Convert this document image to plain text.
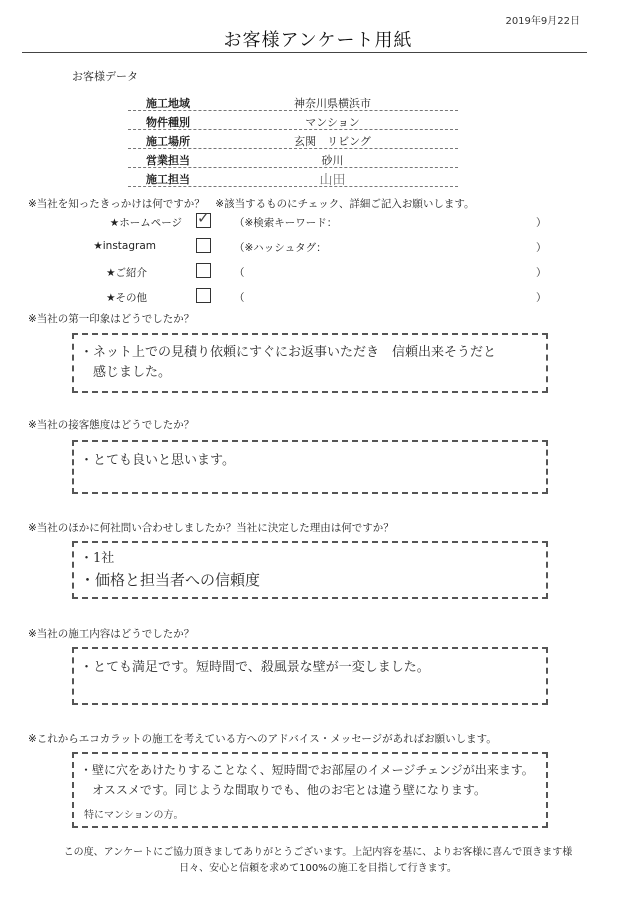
2019年9月22日
お客様アンケート用紙
お客様データ
施工地域	神奈川県横浜市
物件種別	マンション
施工場所	玄関　リビング
営業担当	砂川
施工担当	山田
※当社を知ったきっかけは何ですか？　※該当するものにチェック、詳細ご記入お願いします。
★ホームページ ✓ （※検索キーワード：	）
★instagram	（※ハッシュタグ：	）
★ご紹介	（	）
★その他	（	）
※当社の第一印象はどうでしたか？
・ネット上での見積り依頼にすぐにお返事いただき　信頼出来そうだと
　感じました。
※当社の接客態度はどうでしたか？
・とても良いと思います。
※当社のほかに何社問い合わせしましたか？当社に決定した理由は何ですか？
・1社
・価格と担当者への信頼度
※当社の施工内容はどうでしたか？
・とても満足です。短時間で、殺風景な壁が一変しました。
※これからエコカラットの施工を考えている方へのアドバイス・メッセージがあればお願いします。
・壁に穴をあけたりすることなく、短時間でお部屋のイメージチェンジが出来ます。
　オススメです。同じような間取りでも、他のお宅とは違う壁になります。
特にマンションの方。
この度、アンケートにご協力頂きましてありがとうございます。上記内容を基に、よりお客様に喜んで頂きます様
日々、安心と信頼を求めて100%の施工を目指して行きます。
